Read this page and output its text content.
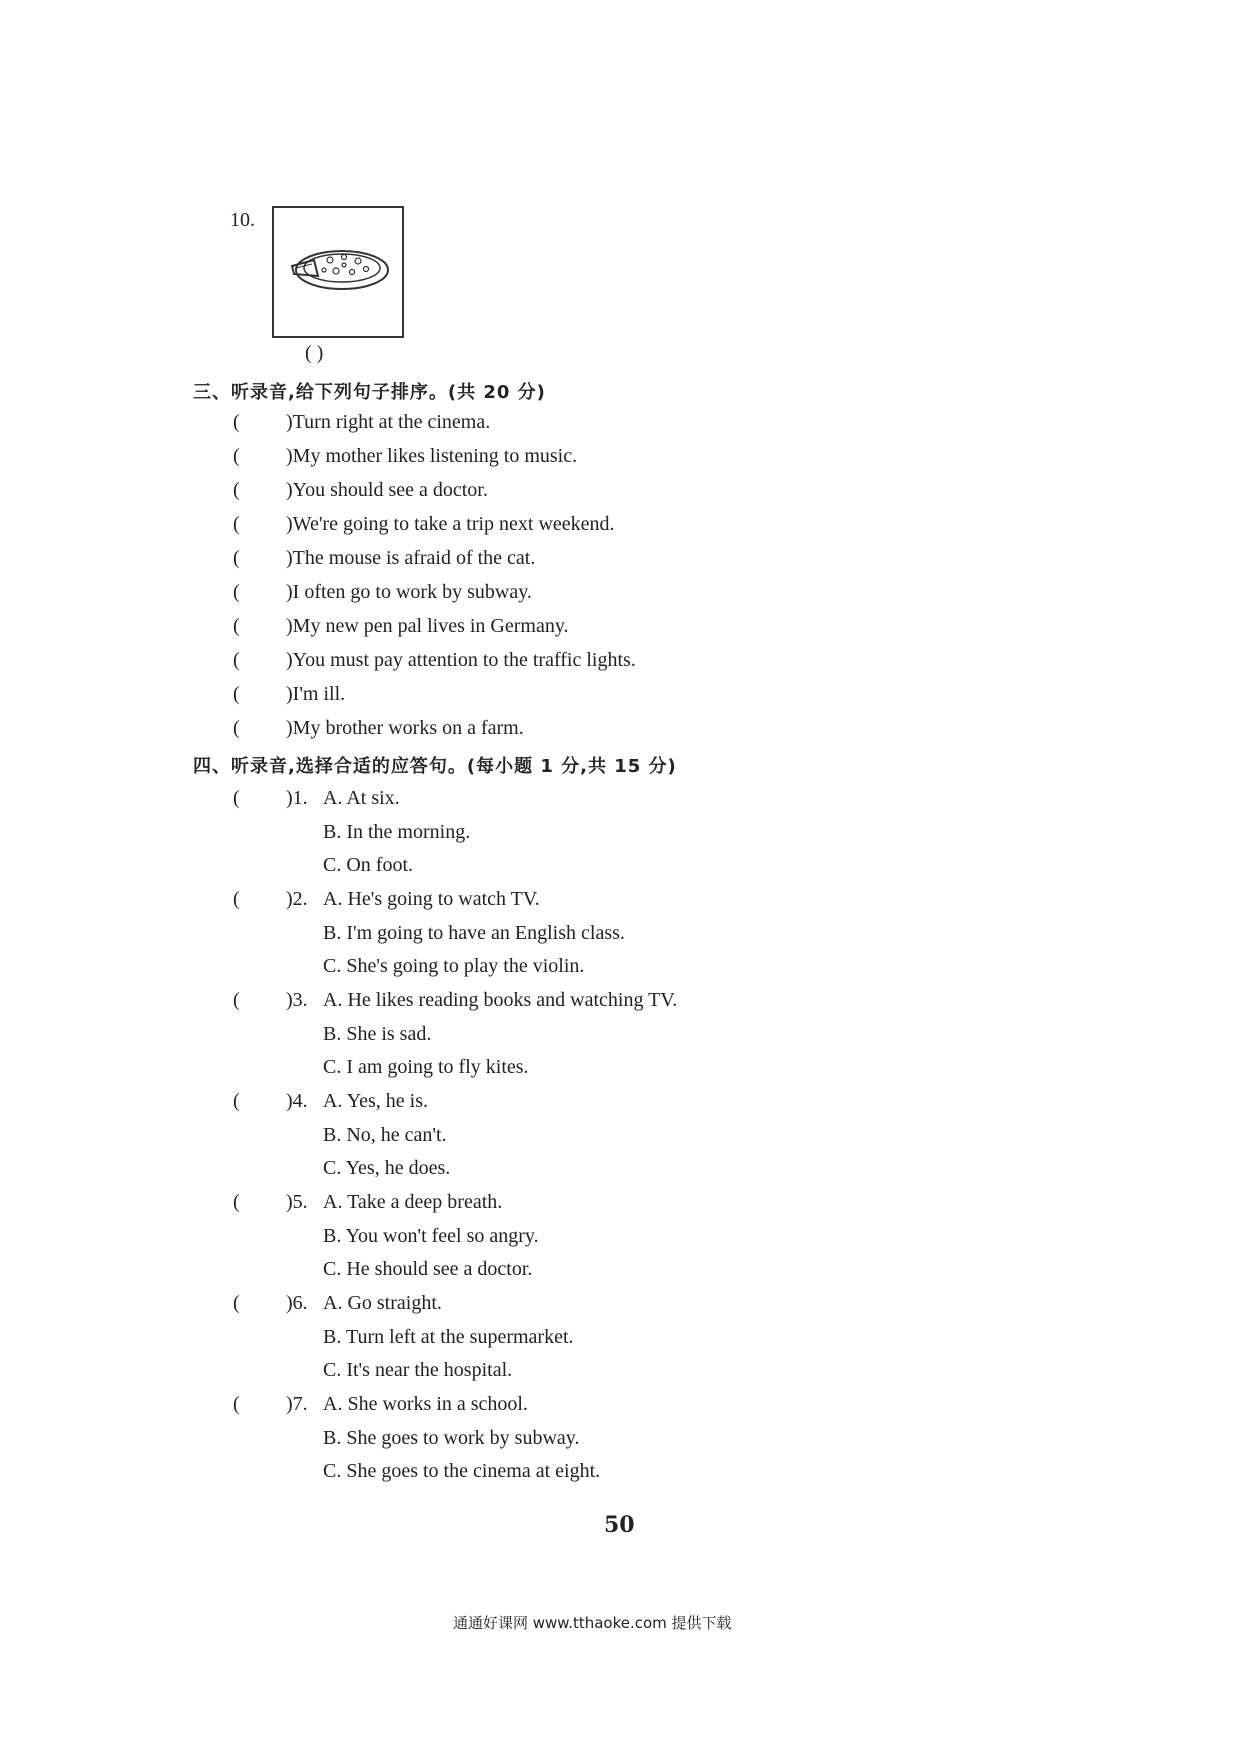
10.
( )
三、听录音,给下列句子排序。(共 20 分)
( )Turn right at the cinema.
( )My mother likes listening to music.
( )You should see a doctor.
( )We're going to take a trip next weekend.
( )The mouse is afraid of the cat.
( )I often go to work by subway.
( )My new pen pal lives in Germany.
( )You must pay attention to the traffic lights.
( )I'm ill.
( )My brother works on a farm.
四、听录音,选择合适的应答句。(每小题 1 分,共 15 分)
( )1. A. At six.
B. In the morning.
C. On foot.
( )2. A. He's going to watch TV.
B. I'm going to have an English class.
C. She's going to play the violin.
( )3. A. He likes reading books and watching TV.
B. She is sad.
C. I am going to fly kites.
( )4. A. Yes, he is.
B. No, he can't.
C. Yes, he does.
( )5. A. Take a deep breath.
B. You won't feel so angry.
C. He should see a doctor.
( )6. A. Go straight.
B. Turn left at the supermarket.
C. It's near the hospital.
( )7. A. She works in a school.
B. She goes to work by subway.
C. She goes to the cinema at eight.
50
通通好课网 www.tthaoke.com 提供下载
